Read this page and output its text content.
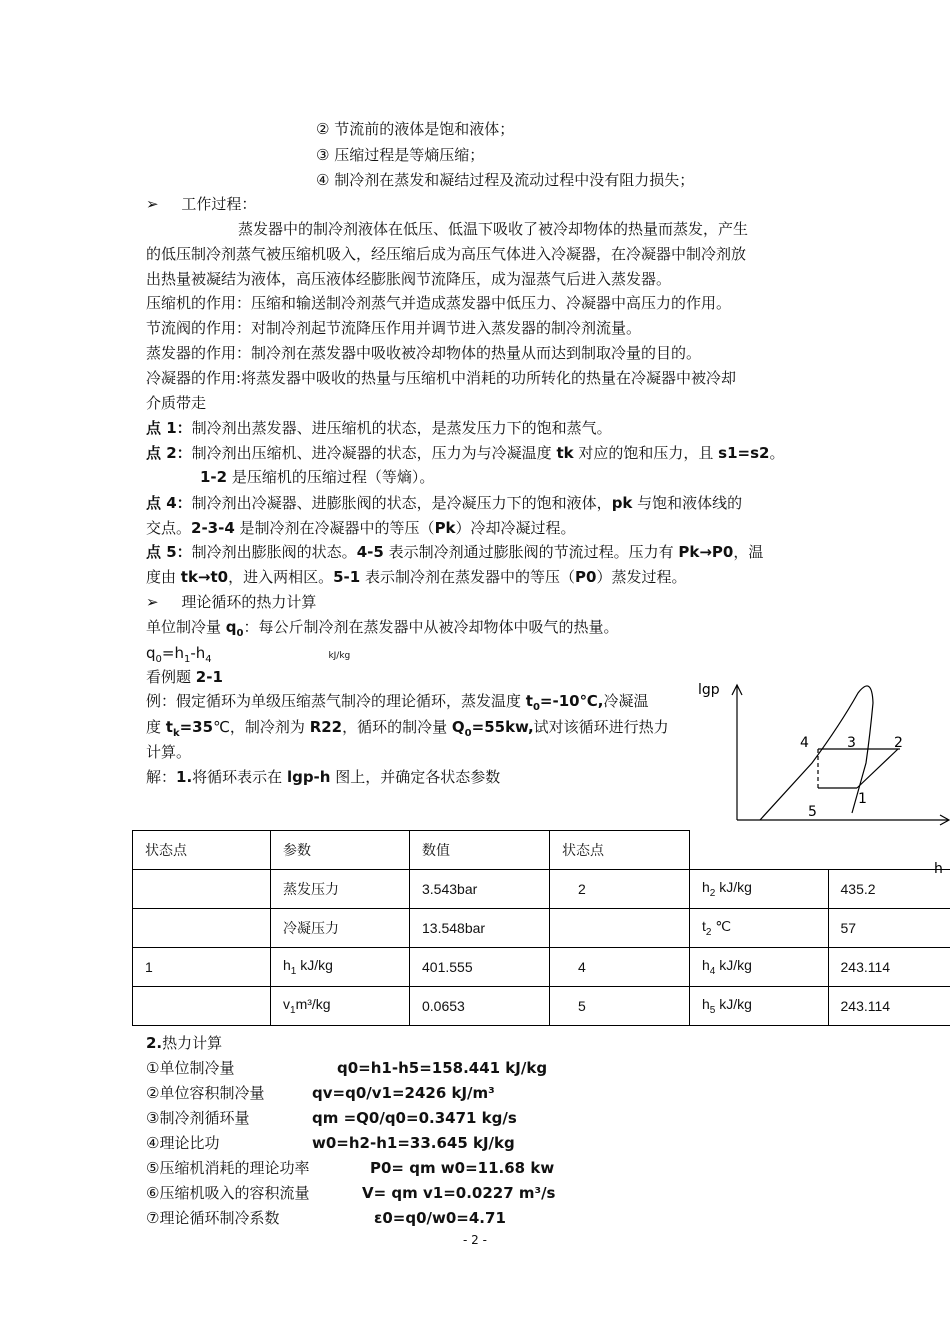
② 节流前的液体是饱和液体；
③ 压缩过程是等熵压缩；
④ 制冷剂在蒸发和凝结过程及流动过程中没有阻力损失；
➢ 工作过程：
蒸发器中的制冷剂液体在低压、低温下吸收了被冷却物体的热量而蒸发，产生
的低压制冷剂蒸气被压缩机吸入，经压缩后成为高压气体进入冷凝器，在冷凝器中制冷剂放
出热量被凝结为液体，高压液体经膨胀阀节流降压，成为湿蒸气后进入蒸发器。
压缩机的作用：压缩和输送制冷剂蒸气并造成蒸发器中低压力、冷凝器中高压力的作用。
节流阀的作用：对制冷剂起节流降压作用并调节进入蒸发器的制冷剂流量。
蒸发器的作用：制冷剂在蒸发器中吸收被冷却物体的热量从而达到制取冷量的目的。
冷凝器的作用:将蒸发器中吸收的热量与压缩机中消耗的功所转化的热量在冷凝器中被冷却
介质带走
点 1：制冷剂出蒸发器、进压缩机的状态，是蒸发压力下的饱和蒸气。
点 2：制冷剂出压缩机、进冷凝器的状态，压力为与冷凝温度 tk 对应的饱和压力，且 s1=s2。
1-2 是压缩机的压缩过程（等熵）。
点 4：制冷剂出冷凝器、进膨胀阀的状态，是冷凝压力下的饱和液体，pk 与饱和液体线的
交点。2-3-4 是制冷剂在冷凝器中的等压（Pk）冷却冷凝过程。
点 5：制冷剂出膨胀阀的状态。4-5 表示制冷剂通过膨胀阀的节流过程。压力有 Pk→P0，温
度由 tk→t0，进入两相区。5-1 表示制冷剂在蒸发器中的等压（P0）蒸发过程。
➢ 理论循环的热力计算
单位制冷量 $q_0$：每公斤制冷剂在蒸发器中从被冷却物体中吸气的热量。
$q_0=h_1-h_4$	kJ/kg
看例题 2-1
例：假定循环为单级压缩蒸气制冷的理论循环，蒸发温度 $t_0=-10℃$,冷凝温
度 $t_k=35℃$，制冷剂为 R22，循环的制冷量 $Q_0=55kw$,试对该循环进行热力
计算。
解：1.将循环表示在 lgp-h 图上，并确定各状态参数
lgp
h
4	3	2
1
5
状态点	参数	数值	状态点		
	蒸发压力	3.543bar	2	$h_2$ kJ/kg	435.2
	冷凝压力	13.548bar		$t_2$ ℃	57
1	$h_1$ kJ/kg	401.555	4	$h_4$ kJ/kg	243.114
	$v_1m^3/kg$	0.0653	5	$h_5$ kJ/kg	243.114
2.热力计算
①单位制冷量	q0=h1-h5=158.441 kJ/kg
②单位容积制冷量	qv=q0/v1=2426 kJ/m³
③制冷剂循环量	qm =Q0/q0=0.3471 kg/s
④理论比功	w0=h2-h1=33.645 kJ/kg
⑤压缩机消耗的理论功率	P0= qm w0=11.68 kw
⑥压缩机吸入的容积流量	V= qm v1=0.0227 m³/s
⑦理论循环制冷系数	ε0=q0/w0=4.71
- 2 -
